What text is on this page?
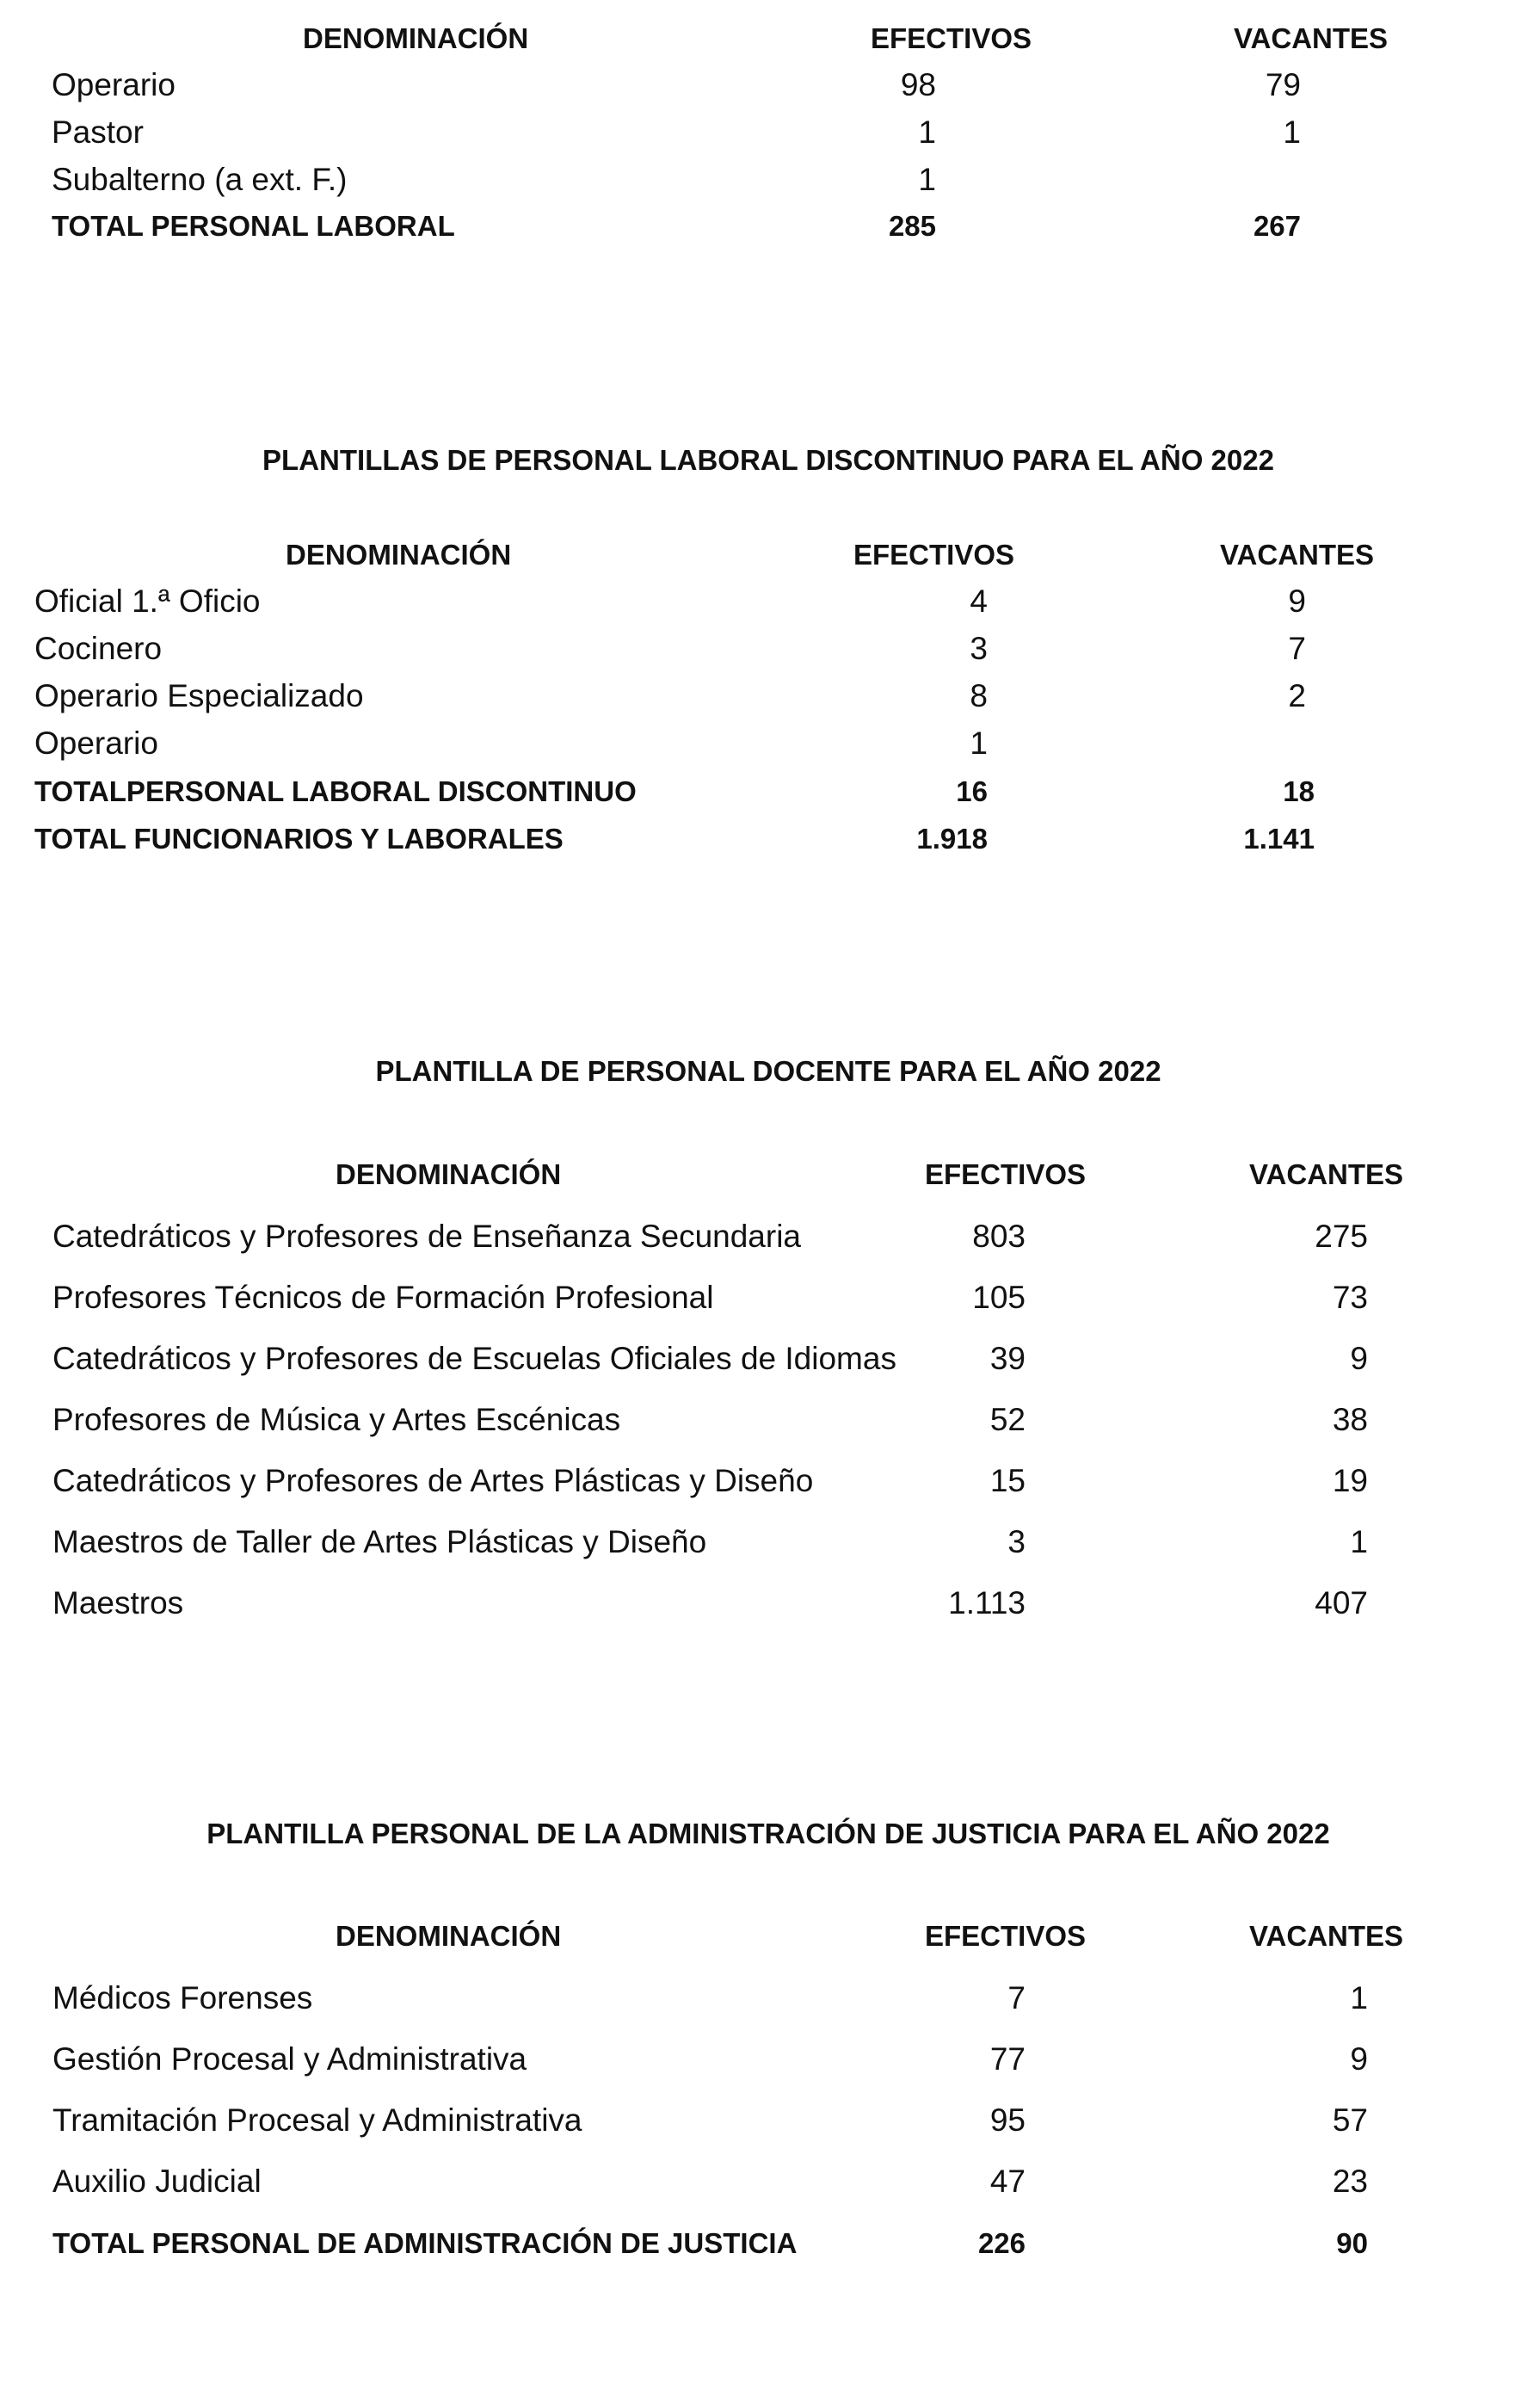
DENOMINACIÓN	EFECTIVOS	VACANTES
Operario	98	79
Pastor	1	1
Subalterno (a ext. F.)	1
TOTAL PERSONAL LABORAL	285	267
PLANTILLAS DE PERSONAL LABORAL DISCONTINUO PARA EL AÑO 2022
DENOMINACIÓN	EFECTIVOS	VACANTES
Oficial 1.ª Oficio	4	9
Cocinero	3	7
Operario Especializado	8	2
Operario	1
TOTALPERSONAL LABORAL DISCONTINUO	16	18
TOTAL FUNCIONARIOS Y LABORALES	1.918	1.141
PLANTILLA DE PERSONAL DOCENTE PARA EL AÑO 2022
DENOMINACIÓN	EFECTIVOS	VACANTES
Catedráticos y Profesores de Enseñanza Secundaria	803	275
Profesores Técnicos de Formación Profesional	105	73
Catedráticos y Profesores de Escuelas Oficiales de Idiomas	39	9
Profesores de Música y Artes Escénicas	52	38
Catedráticos y Profesores de Artes Plásticas y Diseño	15	19
Maestros de Taller de Artes Plásticas y Diseño	3	1
Maestros	1.113	407
PLANTILLA PERSONAL DE LA ADMINISTRACIÓN DE JUSTICIA PARA EL AÑO 2022
DENOMINACIÓN	EFECTIVOS	VACANTES
Médicos Forenses	7	1
Gestión Procesal y Administrativa	77	9
Tramitación Procesal y Administrativa	95	57
Auxilio Judicial	47	23
TOTAL PERSONAL DE ADMINISTRACIÓN DE JUSTICIA	226	90
